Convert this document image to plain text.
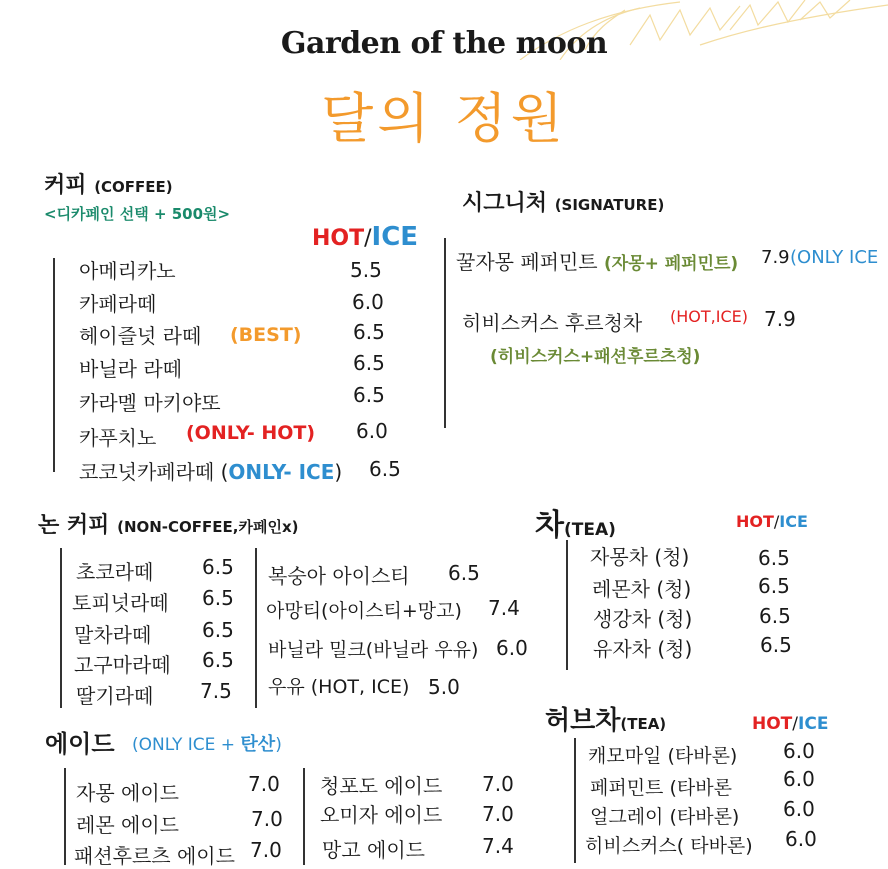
Garden of the moon
달의 정원
커피 (COFFEE)
<디카페인 선택 + 500원>
HOT/ICE
아메리카노	5.5
카페라떼	6.0
헤이즐넛 라떼 (BEST)	6.5
바닐라 라떼	6.5
카라멜 마키야또	6.5
카푸치노 (ONLY- HOT) 6.0
코코넛카페라떼 (ONLY- ICE) 6.5
시그니처 (SIGNATURE)
꿀자몽 페퍼민트 (자몽+ 페퍼민트) 7.9 (ONLY ICE
히비스커스 후르청차 (HOT,ICE) 7.9
(히비스커스+패션후르츠청)
논 커피 (NON-COFFEE,카페인x)
초코라떼 6.5
토피넛라떼 6.5
말차라떼	6.5
고구마라떼 6.5
딸기라떼 7.5
복숭아 아이스티 6.5
아망티(아이스티+망고) 7.4
바닐라 밀크(바닐라 우유) 6.0
우유 (HOT, ICE) 5.0
차(TEA)	HOT/ICE
자몽차 (청)	6.5
레몬차 (청)	6.5
생강차 (청)	6.5
유자차 (청)	6.5
허브차(TEA)	HOT/ICE
캐모마일 (타바론) 6.0
페퍼민트 (타바론	6.0
얼그레이 (타바론) 6.0
히비스커스( 타바론) 6.0
에이드 (ONLY ICE + 탄산)
자몽 에이드	7.0
레몬 에이드	7.0
패션후르츠 에이드 7.0
청포도 에이드 7.0
오미자 에이드 7.0
망고 에이드	7.4
